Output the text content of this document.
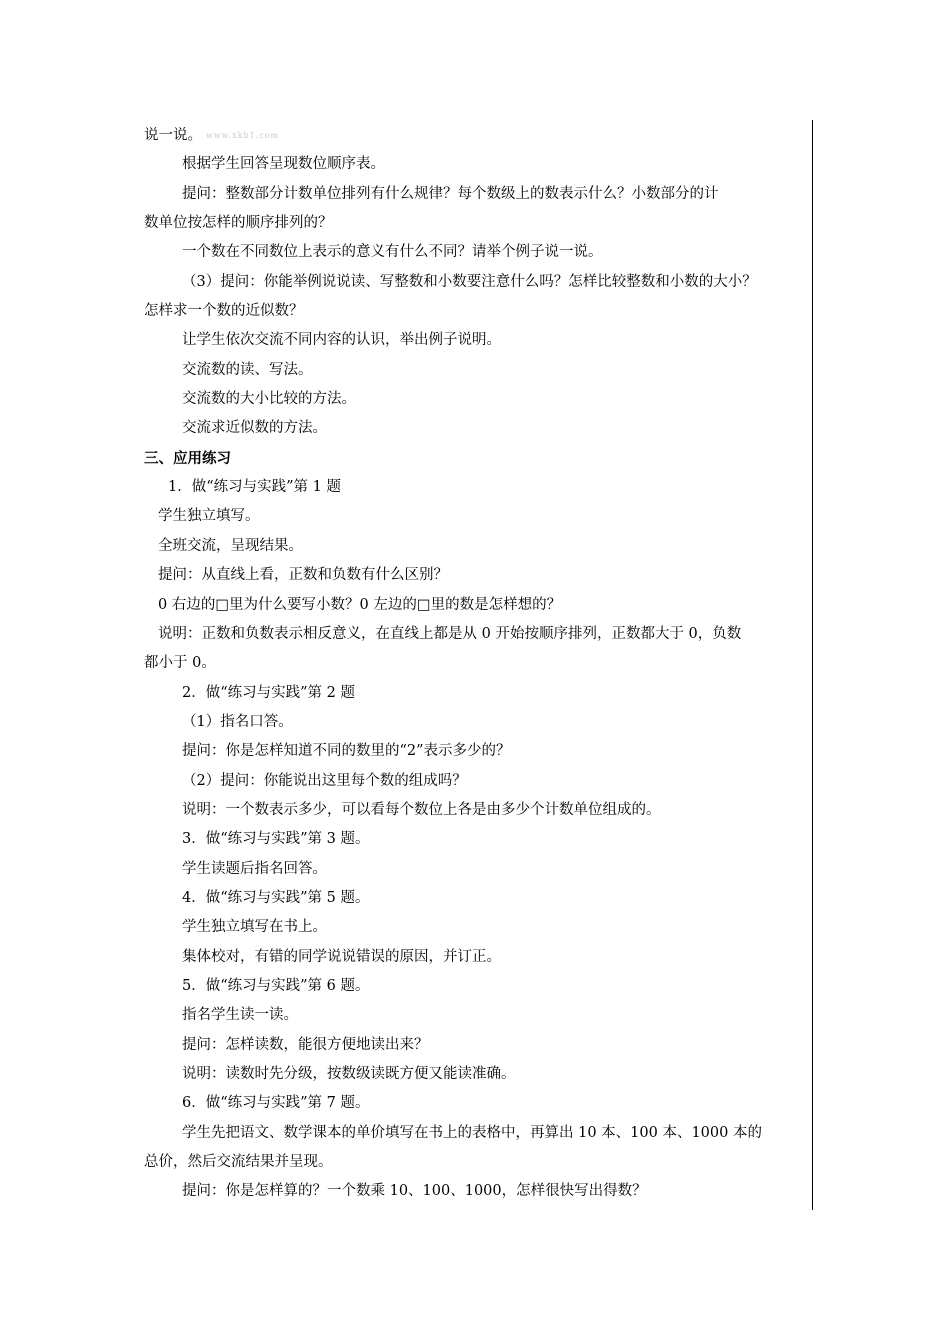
说一说。 www.xkb1.com
根据学生回答呈现数位顺序表。
提问：整数部分计数单位排列有什么规律？每个数级上的数表示什么？小数部分的计
数单位按怎样的顺序排列的？
一个数在不同数位上表示的意义有什么不同？请举个例子说一说。
（3）提问：你能举例说说读、写整数和小数要注意什么吗？怎样比较整数和小数的大小？
怎样求一个数的近似数？
让学生依次交流不同内容的认识，举出例子说明。
交流数的读、写法。
交流数的大小比较的方法。
交流求近似数的方法。
三、应用练习
1．做“练习与实践”第 1 题
学生独立填写。
全班交流，呈现结果。
提问：从直线上看，正数和负数有什么区别？
0 右边的□里为什么要写小数？0 左边的□里的数是怎样想的？
说明：正数和负数表示相反意义，在直线上都是从 0 开始按顺序排列，正数都大于 0，负数
都小于 0。
2．做“练习与实践”第 2 题
（1）指名口答。
提问：你是怎样知道不同的数里的“2”表示多少的？
（2）提问：你能说出这里每个数的组成吗？
说明：一个数表示多少，可以看每个数位上各是由多少个计数单位组成的。
3．做“练习与实践”第 3 题。
学生读题后指名回答。
4．做“练习与实践”第 5 题。
学生独立填写在书上。
集体校对，有错的同学说说错误的原因，并订正。
5．做“练习与实践”第 6 题。
指名学生读一读。
提问：怎样读数，能很方便地读出来？
说明：读数时先分级，按数级读既方便又能读准确。
6．做“练习与实践”第 7 题。
学生先把语文、数学课本的单价填写在书上的表格中，再算出 10 本、100 本、1000 本的
总价，然后交流结果并呈现。
提问：你是怎样算的？一个数乘 10、100、1000，怎样很快写出得数？
